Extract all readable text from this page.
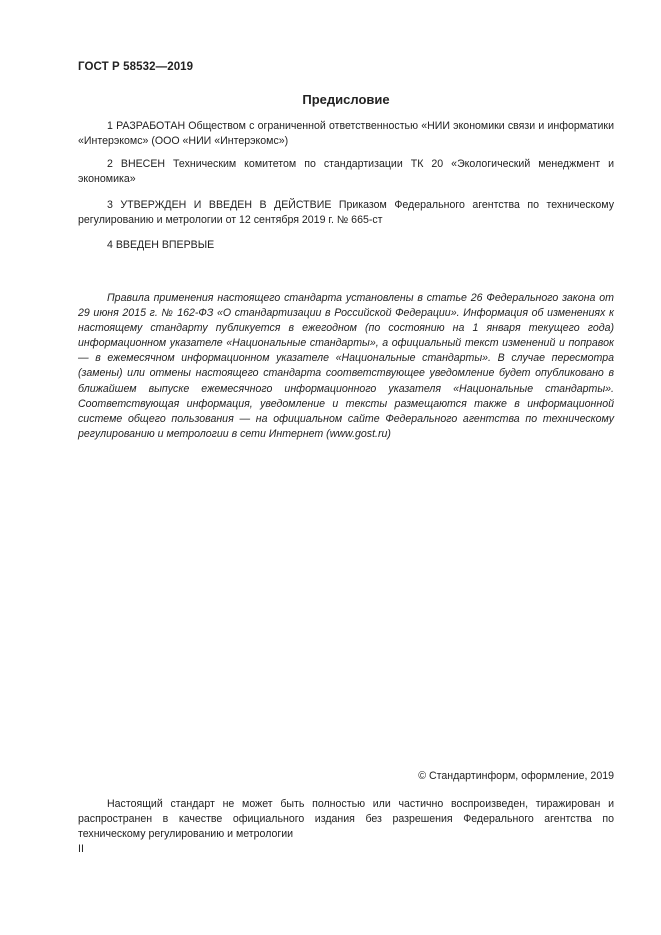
ГОСТ Р 58532—2019
Предисловие

1 РАЗРАБОТАН Обществом с ограниченной ответственностью «НИИ экономики связи и информатики «Интерэкомс» (ООО «НИИ «Интерэкомс»)

2 ВНЕСЕН Техническим комитетом по стандартизации ТК 20 «Экологический менеджмент и экономика»

3 УТВЕРЖДЕН И ВВЕДЕН В ДЕЙСТВИЕ Приказом Федерального агентства по техническому регулированию и метрологии от 12 сентября 2019 г. № 665-ст

4 ВВЕДЕН ВПЕРВЫЕ

Правила применения настоящего стандарта установлены в статье 26 Федерального закона от 29 июня 2015 г. № 162-ФЗ «О стандартизации в Российской Федерации». Информация об изменениях к настоящему стандарту публикуется в ежегодном (по состоянию на 1 января текущего года) информационном указателе «Национальные стандарты», а официальный текст изменений и поправок — в ежемесячном информационном указателе «Национальные стандарты». В случае пересмотра (замены) или отмены настоящего стандарта соответствующее уведомление будет опубликовано в ближайшем выпуске ежемесячного информационного указателя «Национальные стандарты». Соответствующая информация, уведомление и тексты размещаются также в информационной системе общего пользования — на официальном сайте Федерального агентства по техническому регулированию и метрологии в сети Интернет (www.gost.ru)

© Стандартинформ, оформление, 2019

Настоящий стандарт не может быть полностью или частично воспроизведен, тиражирован и распространен в качестве официального издания без разрешения Федерального агентства по техническому регулированию и метрологии

II
